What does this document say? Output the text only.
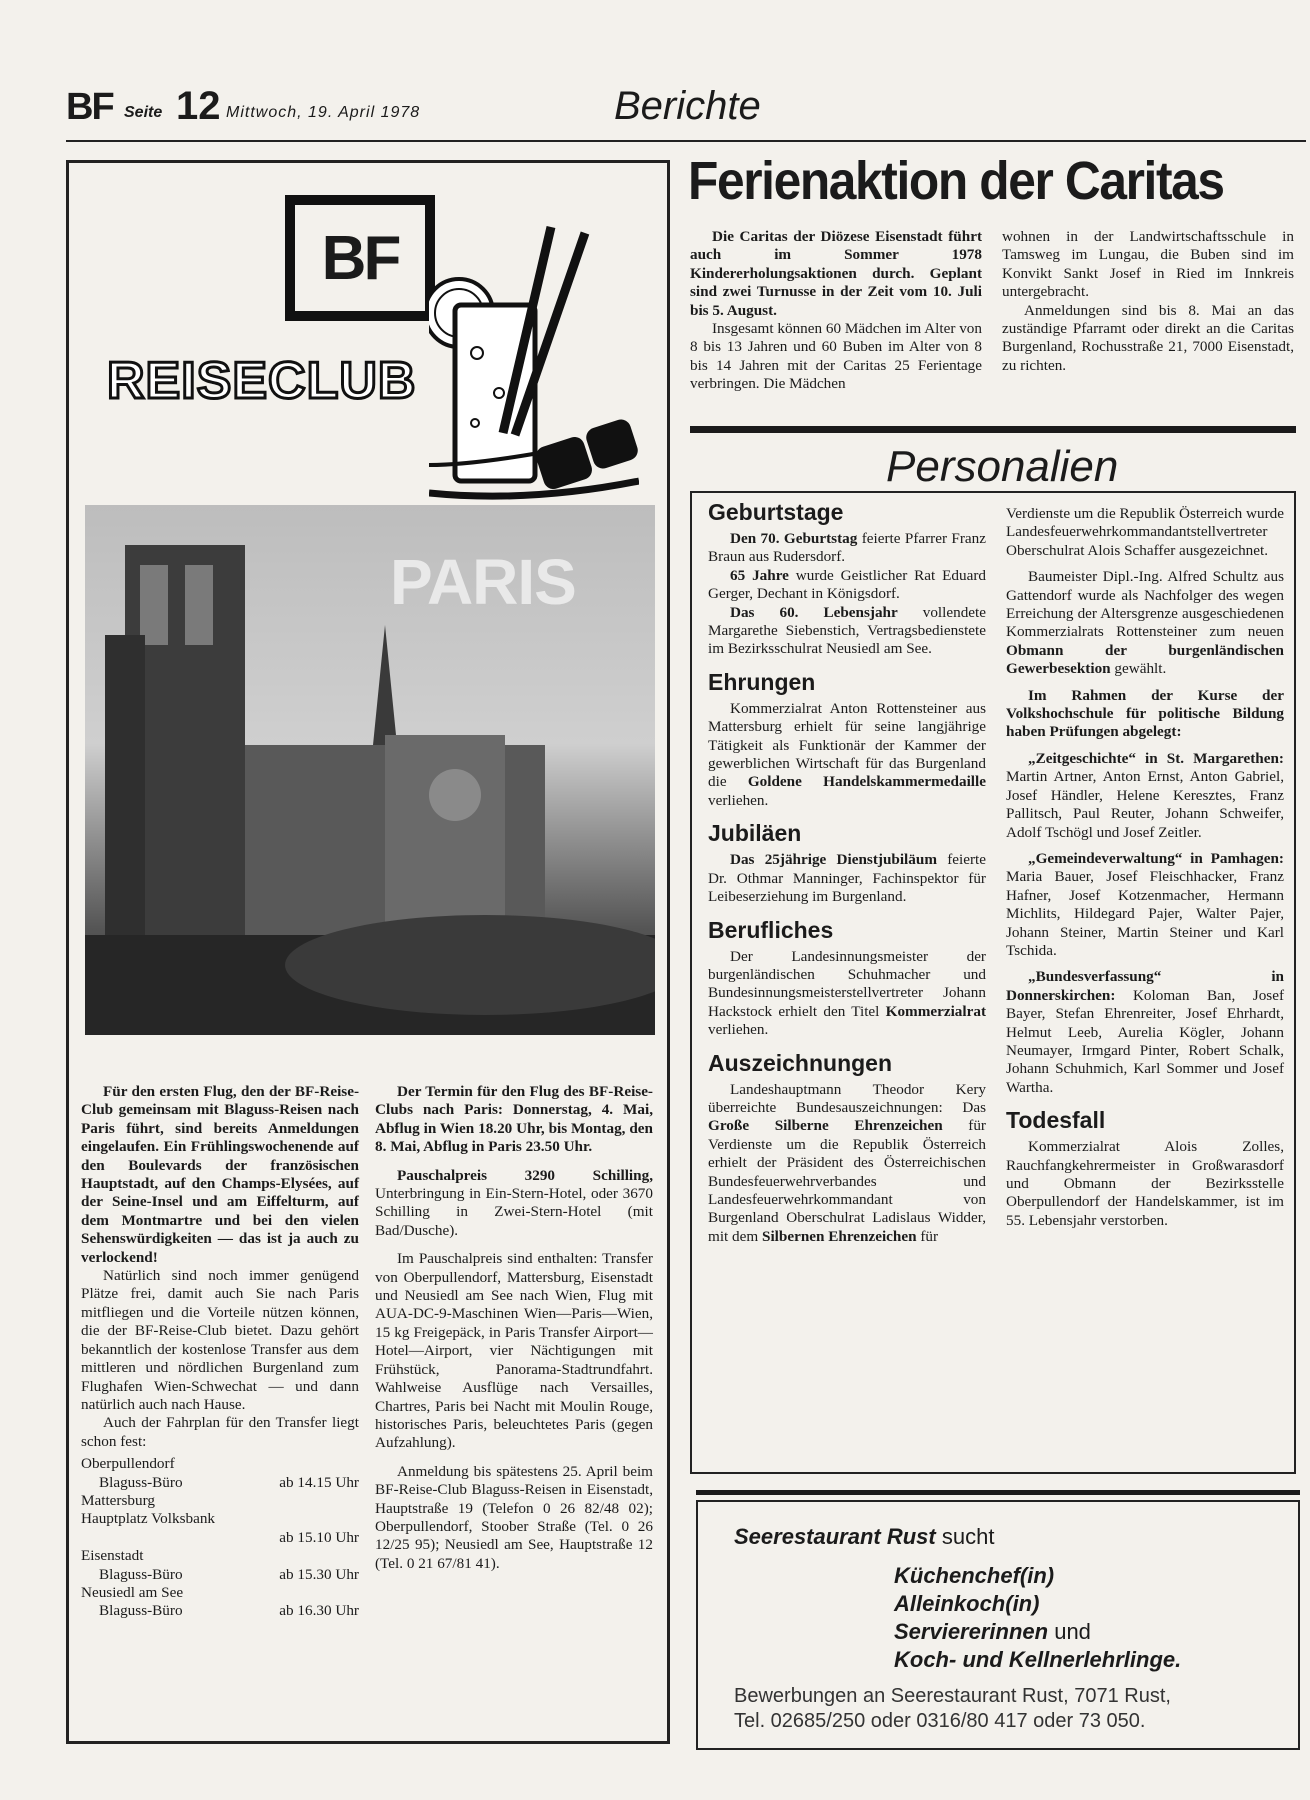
BF Seite 12 Mittwoch, 19. April 1978	Berichte
BF
REISECLUB
PARIS

Für den ersten Flug, den der BF-Reise-Club gemeinsam mit Blaguss-Reisen nach Paris führt, sind bereits Anmeldungen eingelaufen. Ein Frühlingswochenende auf den Boulevards der französischen Hauptstadt, auf den Champs-Elysées, auf der Seine-Insel und am Eiffelturm, auf dem Montmartre und bei den vielen Sehenswürdigkeiten — das ist ja auch zu verlockend!

Natürlich sind noch immer genügend Plätze frei, damit auch Sie nach Paris mitfliegen und die Vorteile nützen können, die der BF-Reise-Club bietet. Dazu gehört bekanntlich der kostenlose Transfer aus dem mittleren und nördlichen Burgenland zum Flughafen Wien-Schwechat — und dann natürlich auch nach Hause.

Auch der Fahrplan für den Transfer liegt schon fest:

Oberpullendorf
Blaguss-Büro	ab 14.15 Uhr
Mattersburg
Hauptplatz Volksbank
ab 15.10 Uhr
Eisenstadt
Blaguss-Büro	ab 15.30 Uhr
Neusiedl am See
Blaguss-Büro	ab 16.30 Uhr

Der Termin für den Flug des BF-Reise-Clubs nach Paris: Donnerstag, 4. Mai, Abflug in Wien 18.20 Uhr, bis Montag, den 8. Mai, Abflug in Paris 23.50 Uhr.

Pauschalpreis 3290 Schilling, Unterbringung in Ein-Stern-Hotel, oder 3670 Schilling in Zwei-Stern-Hotel (mit Bad/Dusche).

Im Pauschalpreis sind enthalten: Transfer von Oberpullendorf, Mattersburg, Eisenstadt und Neusiedl am See nach Wien, Flug mit AUA-DC-9-Maschinen Wien—Paris—Wien, 15 kg Freigepäck, in Paris Transfer Airport—Hotel—Airport, vier Nächtigungen mit Frühstück, Panorama-Stadtrundfahrt. Wahlweise Ausflüge nach Versailles, Chartres, Paris bei Nacht mit Moulin Rouge, historisches Paris, beleuchtetes Paris (gegen Aufzahlung).

Anmeldung bis spätestens 25. April beim BF-Reise-Club Blaguss-Reisen in Eisenstadt, Hauptstraße 19 (Telefon 0 26 82/48 02); Oberpullendorf, Stoober Straße (Tel. 0 26 12/25 95); Neusiedl am See, Hauptstraße 12 (Tel. 0 21 67/81 41).

Ferienaktion der Caritas

Die Caritas der Diözese Eisenstadt führt auch im Sommer 1978 Kindererholungsaktionen durch. Geplant sind zwei Turnusse in der Zeit vom 10. Juli bis 5. August.

Insgesamt können 60 Mädchen im Alter von 8 bis 13 Jahren und 60 Buben im Alter von 8 bis 14 Jahren mit der Caritas 25 Ferientage verbringen. Die Mädchen

wohnen in der Landwirtschaftsschule in Tamsweg im Lungau, die Buben sind im Konvikt Sankt Josef in Ried im Innkreis untergebracht.

Anmeldungen sind bis 8. Mai an das zuständige Pfarramt oder direkt an die Caritas Burgenland, Rochusstraße 21, 7000 Eisenstadt, zu richten.

Personalien
Geburtstage

Den 70. Geburtstag feierte Pfarrer Franz Braun aus Rudersdorf.

65 Jahre wurde Geistlicher Rat Eduard Gerger, Dechant in Königsdorf.

Das 60. Lebensjahr vollendete Margarethe Siebenstich, Vertragsbedienstete im Bezirksschulrat Neusiedl am See.

Ehrungen

Kommerzialrat Anton Rottensteiner aus Mattersburg erhielt für seine langjährige Tätigkeit als Funktionär der Kammer der gewerblichen Wirtschaft für das Burgenland die Goldene Handelskammermedaille verliehen.

Jubiläen

Das 25jährige Dienstjubiläum feierte Dr. Othmar Manninger, Fachinspektor für Leibeserziehung im Burgenland.

Berufliches

Der Landesinnungsmeister der burgenländischen Schuhmacher und Bundesinnungsmeisterstellvertreter Johann Hackstock erhielt den Titel Kommerzialrat verliehen.

Auszeichnungen

Landeshauptmann Theodor Kery überreichte Bundesauszeichnungen: Das Große Silberne Ehrenzeichen für Verdienste um die Republik Österreich erhielt der Präsident des Österreichischen Bundesfeuerwehrverbandes und Landesfeuerwehrkommandant von Burgenland Oberschulrat Ladislaus Widder, mit dem Silbernen Ehrenzeichen für

Verdienste um die Republik Österreich wurde Landesfeuerwehrkommandantstellvertreter Oberschulrat Alois Schaffer ausgezeichnet.

Baumeister Dipl.-Ing. Alfred Schultz aus Gattendorf wurde als Nachfolger des wegen Erreichung der Altersgrenze ausgeschiedenen Kommerzialrats Rottensteiner zum neuen Obmann der burgenländischen Gewerbesektion gewählt.

Im Rahmen der Kurse der Volkshochschule für politische Bildung haben Prüfungen abgelegt:

„Zeitgeschichte“ in St. Margarethen: Martin Artner, Anton Ernst, Anton Gabriel, Josef Händler, Helene Keresztes, Franz Pallitsch, Paul Reuter, Johann Schweifer, Adolf Tschögl und Josef Zeitler.

„Gemeindeverwaltung“ in Pamhagen: Maria Bauer, Josef Fleischhacker, Franz Hafner, Josef Kotzenmacher, Hermann Michlits, Hildegard Pajer, Walter Pajer, Johann Steiner, Martin Steiner und Karl Tschida.

„Bundesverfassung“ in Donnerskirchen: Koloman Ban, Josef Bayer, Stefan Ehrenreiter, Josef Ehrhardt, Helmut Leeb, Aurelia Kögler, Johann Neumayer, Irmgard Pinter, Robert Schalk, Johann Schuhmich, Karl Sommer und Josef Wartha.

Todesfall

Kommerzialrat Alois Zolles, Rauchfangkehrermeister in Großwarasdorf und Obmann der Bezirksstelle Oberpullendorf der Handelskammer, ist im 55. Lebensjahr verstorben.

Seerestaurant Rust sucht
Küchenchef(in)
Alleinkoch(in)
Serviererinnen und
Koch- und Kellnerlehrlinge.
Bewerbungen an Seerestaurant Rust, 7071 Rust,
Tel. 02685/250 oder 0316/80 417 oder 73 050.
